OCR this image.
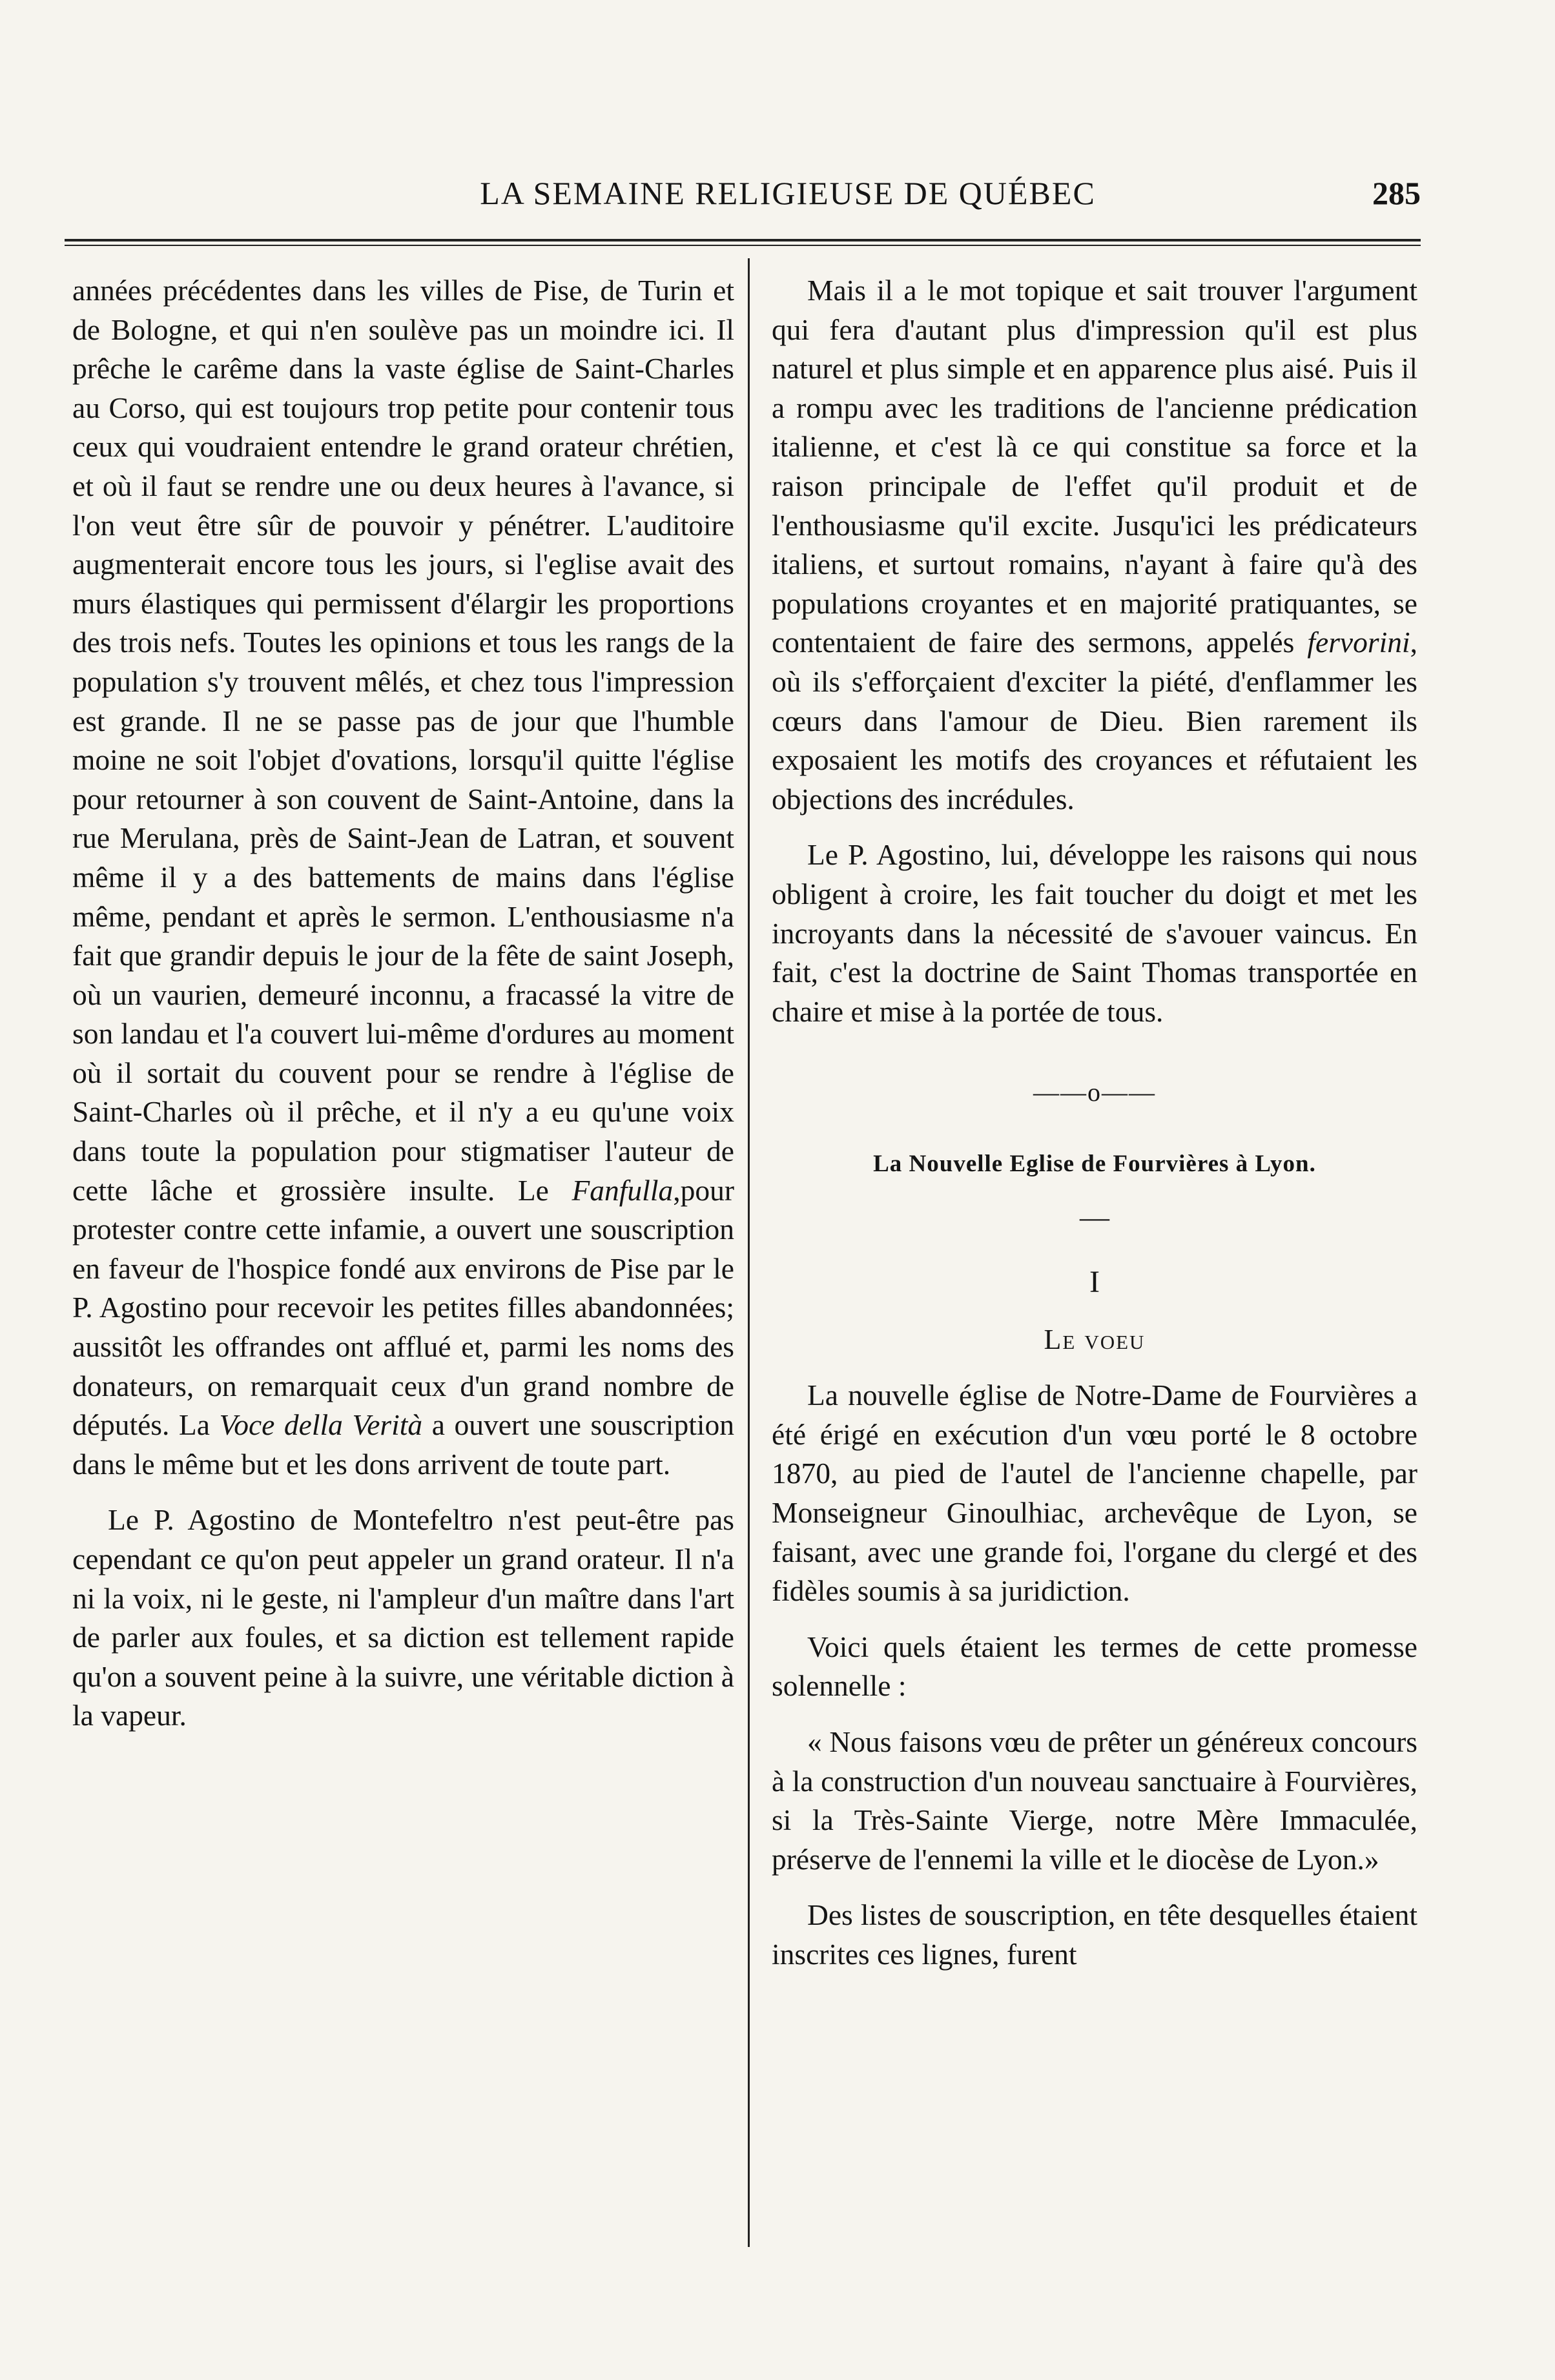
LA SEMAINE RELIGIEUSE DE QUÉBEC	285

années précédentes dans les villes de Pise, de Turin et de Bologne, et qui n'en soulève pas un moindre ici. Il prêche le carême dans la vaste église de Saint-Charles au Corso, qui est toujours trop petite pour contenir tous ceux qui voudraient entendre le grand orateur chrétien, et où il faut se rendre une ou deux heures à l'avance, si l'on veut être sûr de pouvoir y pénétrer. L'auditoire augmenterait encore tous les jours, si l'eglise avait des murs élastiques qui permissent d'élargir les proportions des trois nefs. Toutes les opinions et tous les rangs de la population s'y trouvent mêlés, et chez tous l'impression est grande. Il ne se passe pas de jour que l'humble moine ne soit l'objet d'ovations, lorsqu'il quitte l'église pour retourner à son couvent de Saint-Antoine, dans la rue Merulana, près de Saint-Jean de Latran, et souvent même il y a des battements de mains dans l'église même, pendant et après le sermon. L'enthousiasme n'a fait que grandir depuis le jour de la fête de saint Joseph, où un vaurien, demeuré inconnu, a fracassé la vitre de son landau et l'a couvert lui-même d'ordures au moment où il sortait du couvent pour se rendre à l'église de Saint-Charles où il prêche, et il n'y a eu qu'une voix dans toute la population pour stigmatiser l'auteur de cette lâche et grossière insulte. Le Fanfulla,pour protester contre cette infamie, a ouvert une souscription en faveur de l'hospice fondé aux environs de Pise par le P. Agostino pour recevoir les petites filles abandonnées; aussitôt les offrandes ont afflué et, parmi les noms des donateurs, on remarquait ceux d'un grand nombre de députés. La Voce della Verità a ouvert une souscription dans le même but et les dons arrivent de toute part.

Le P. Agostino de Montefeltro n'est peut-être pas cependant ce qu'on peut appeler un grand orateur. Il n'a ni la voix, ni le geste, ni l'ampleur d'un maître dans l'art de parler aux foules, et sa diction est tellement rapide qu'on a souvent peine à la suivre, une véritable diction à la vapeur.

Mais il a le mot topique et sait trouver l'argument qui fera d'autant plus d'impression qu'il est plus naturel et plus simple et en apparence plus aisé. Puis il a rompu avec les traditions de l'ancienne prédication italienne, et c'est là ce qui constitue sa force et la raison principale de l'effet qu'il produit et de l'enthousiasme qu'il excite. Jusqu'ici les prédicateurs italiens, et surtout romains, n'ayant à faire qu'à des populations croyantes et en majorité pratiquantes, se contentaient de faire des sermons, appelés fervorini, où ils s'efforçaient d'exciter la piété, d'enflammer les cœurs dans l'amour de Dieu. Bien rarement ils exposaient les motifs des croyances et réfutaient les objections des incrédules.

Le P. Agostino, lui, développe les raisons qui nous obligent à croire, les fait toucher du doigt et met les incroyants dans la nécessité de s'avouer vaincus. En fait, c'est la doctrine de Saint Thomas transportée en chaire et mise à la portée de tous.

——o——
La Nouvelle Eglise de Fourvières à Lyon.
—
I
Le voeu

La nouvelle église de Notre-Dame de Fourvières a été érigé en exécution d'un vœu porté le 8 octobre 1870, au pied de l'autel de l'ancienne chapelle, par Monseigneur Ginoulhiac, archevêque de Lyon, se faisant, avec une grande foi, l'organe du clergé et des fidèles soumis à sa juridiction.

Voici quels étaient les termes de cette promesse solennelle :

« Nous faisons vœu de prêter un généreux concours à la construction d'un nouveau sanctuaire à Fourvières, si la Très-Sainte Vierge, notre Mère Immaculée, préserve de l'ennemi la ville et le diocèse de Lyon.»

Des listes de souscription, en tête desquelles étaient inscrites ces lignes, furent
